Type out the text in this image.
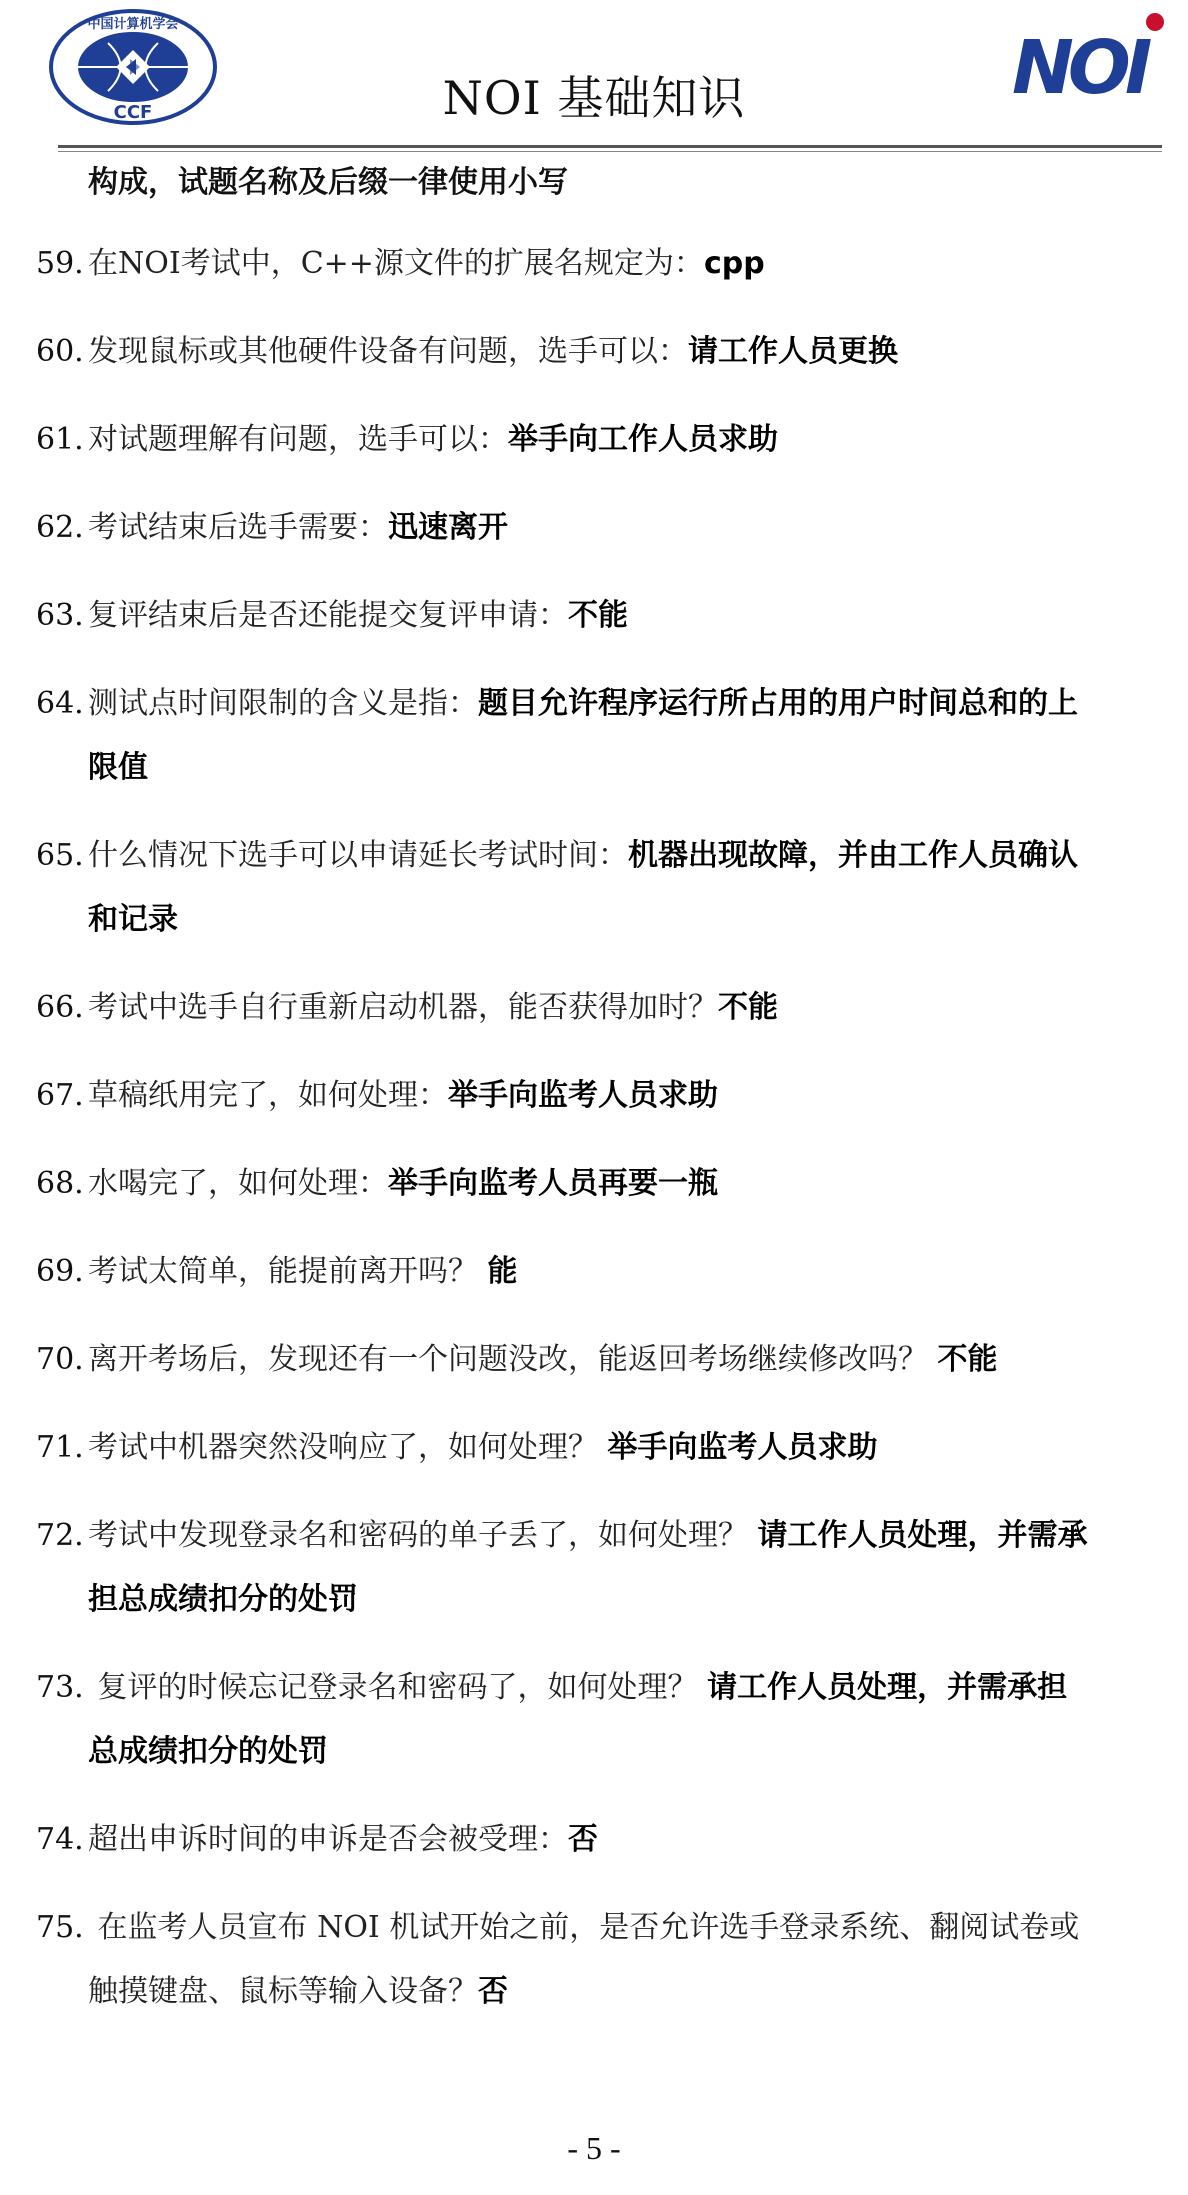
中国计算机学会
CCF	NOI 基础知识	NOI
构成，试题名称及后缀一律使用小写
59. 在NOI考试中，C++源文件的扩展名规定为：cpp
60. 发现鼠标或其他硬件设备有问题，选手可以：请工作人员更换
61. 对试题理解有问题，选手可以：举手向工作人员求助
62. 考试结束后选手需要：迅速离开
63. 复评结束后是否还能提交复评申请：不能
64. 测试点时间限制的含义是指：题目允许程序运行所占用的用户时间总和的上
限值
65. 什么情况下选手可以申请延长考试时间：机器出现故障，并由工作人员确认
和记录
66. 考试中选手自行重新启动机器，能否获得加时？不能
67. 草稿纸用完了，如何处理：举手向监考人员求助
68. 水喝完了，如何处理：举手向监考人员再要一瓶
69. 考试太简单，能提前离开吗？ 能
70. 离开考场后，发现还有一个问题没改，能返回考场继续修改吗？ 不能
71. 考试中机器突然没响应了，如何处理？ 举手向监考人员求助
72. 考试中发现登录名和密码的单子丢了，如何处理？ 请工作人员处理，并需承
担总成绩扣分的处罚
73. 复评的时候忘记登录名和密码了，如何处理？ 请工作人员处理，并需承担
总成绩扣分的处罚
74. 超出申诉时间的申诉是否会被受理：否
75. 在监考人员宣布 NOI 机试开始之前，是否允许选手登录系统、翻阅试卷或
触摸键盘、鼠标等输入设备？否
- 5 -
